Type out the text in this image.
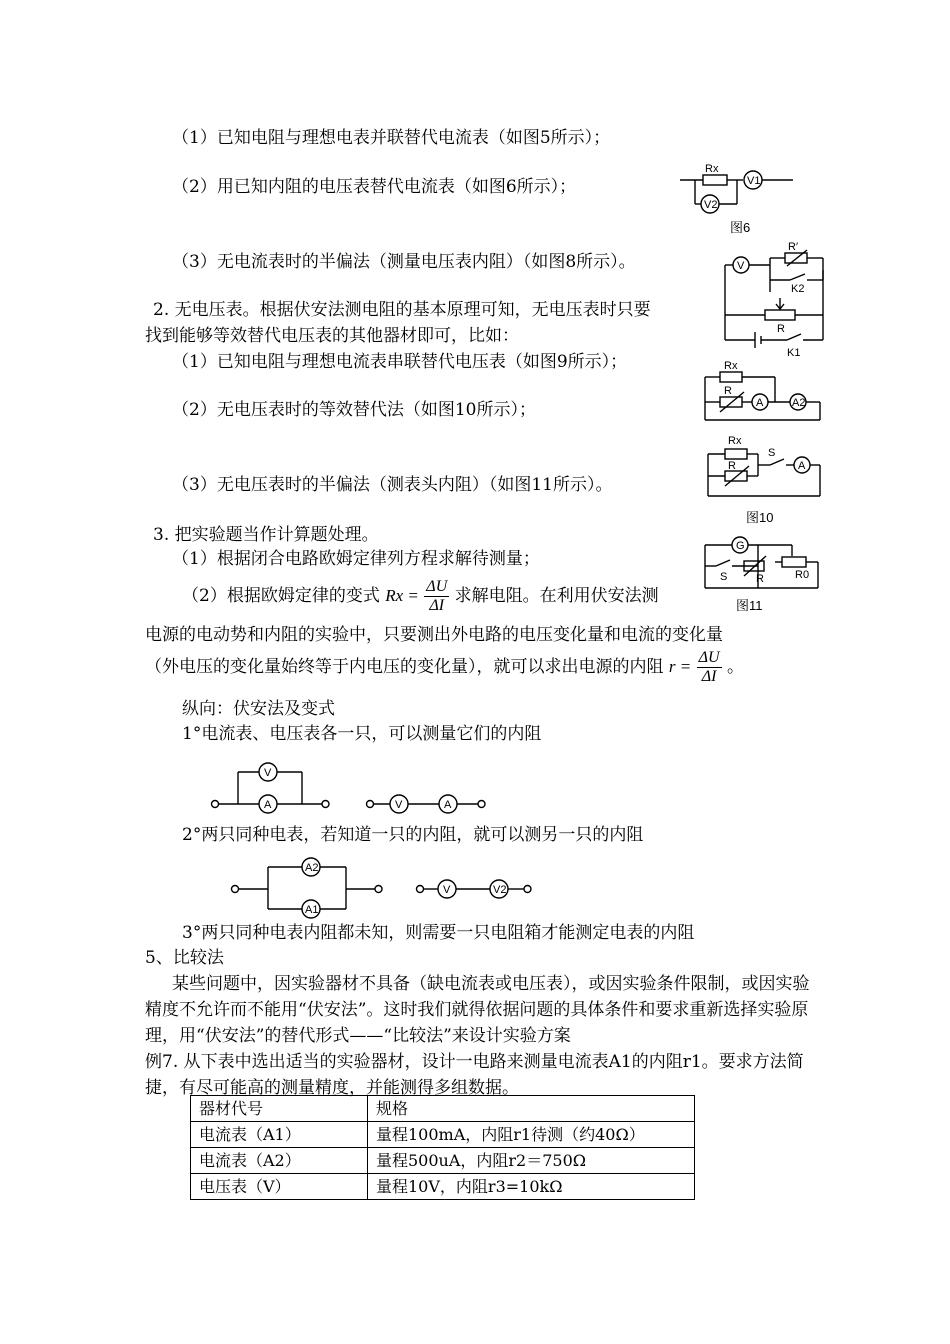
（1）已知电阻与理想电表并联替代电流表（如图5所示）；
（2）用已知内阻的电压表替代电流表（如图6所示）；
（3）无电流表时的半偏法（测量电压表内阻）（如图8所示）。
2. 无电压表。根据伏安法测电阻的基本原理可知，无电压表时只要
找到能够等效替代电压表的其他器材即可，比如：
（1）已知电阻与理想电流表串联替代电压表（如图9所示）；
（2）无电压表时的等效替代法（如图10所示）；
（3）无电压表时的半偏法（测表头内阻）（如图11所示）。
3. 把实验题当作计算题处理。
（1）根据闭合电路欧姆定律列方程求解待测量；
（2）根据欧姆定律的变式 $Rx = \frac{\Delta U}{\Delta I}$ 求解电阻。在利用伏安法测
电源的电动势和内阻的实验中，只要测出外电路的电压变化量和电流的变化量
（外电压的变化量始终等于内电压的变化量），就可以求出电源的内阻 $r = \frac{\Delta U}{\Delta I}$ 。
纵向：伏安法及变式
1°电流表、电压表各一只，可以测量它们的内阻
2°两只同种电表，若知道一只的内阻，就可以测另一只的内阻
3°两只同种电表内阻都未知，则需要一只电阻箱才能测定电表的内阻
5、比较法
某些问题中，因实验器材不具备（缺电流表或电压表），或因实验条件限制，或因实验精度不允许而不能用“伏安法”。这时我们就得依据问题的具体条件和要求重新选择实验原理，用“伏安法”的替代形式——“比较法”来设计实验方案
例7. 从下表中选出适当的实验器材，设计一电路来测量电流表A1的内阻r1。要求方法简捷，有尽可能高的测量精度，并能测得多组数据。
器材代号	规格
电流表（A1）	量程100mA，内阻r1待测（约40Ω）
电流表（A2）	量程500uA，内阻r2＝750Ω
电压表（V）	量程10V，内阻r3=10kΩ
Rx
V1
V2
图6
V
R′
K2
R
K1
Rx
R
A	A2
Rx
R
S
A
图10
G
S	R	R0
图11
V
A	V	A
A2
A1
V	V2
